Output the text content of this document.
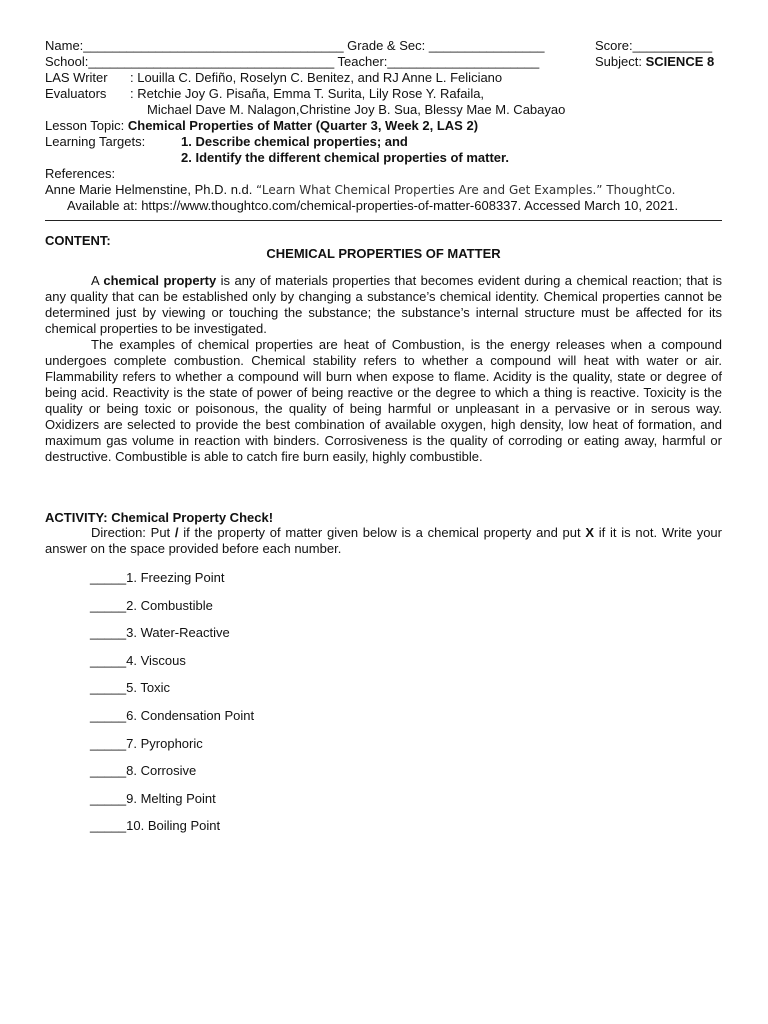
Name:____________________________________ Grade & Sec: ________________	Score:___________
School:__________________________________ Teacher:_____________________	Subject: SCIENCE 8
LAS Writer : Louilla C. Defiño, Roselyn C. Benitez, and RJ Anne L. Feliciano
Evaluators : Retchie Joy G. Pisaña, Emma T. Surita, Lily Rose Y. Rafaila,
Michael Dave M. Nalagon,Christine Joy B. Sua, Blessy Mae M. Cabayao
Lesson Topic: Chemical Properties of Matter (Quarter 3, Week 2, LAS 2)
Learning Targets:	1. Describe chemical properties; and
2. Identify the different chemical properties of matter.
References:
Anne Marie Helmenstine, Ph.D. n.d. “Learn What Chemical Properties Are and Get Examples.” ThoughtCo.
Available at: https://www.thoughtco.com/chemical-properties-of-matter-608337. Accessed March 10, 2021.
CONTENT:
CHEMICAL PROPERTIES OF MATTER

A chemical property is any of materials properties that becomes evident during a chemical reaction; that is any quality that can be established only by changing a substance’s chemical identity. Chemical properties cannot be determined just by viewing or touching the substance; the substance’s internal structure must be affected for its chemical properties to be investigated.

The examples of chemical properties are heat of Combustion, is the energy releases when a compound undergoes complete combustion. Chemical stability refers to whether a compound will heat with water or air. Flammability refers to whether a compound will burn when expose to flame. Acidity is the quality, state or degree of being acid. Reactivity is the state of power of being reactive or the degree to which a thing is reactive. Toxicity is the quality or being toxic or poisonous, the quality of being harmful or unpleasant in a pervasive or in serous way. Oxidizers are selected to provide the best combination of available oxygen, high density, low heat of formation, and maximum gas volume in reaction with binders. Corrosiveness is the quality of corroding or eating away, harmful or destructive. Combustible is able to catch fire burn easily, highly combustible.

ACTIVITY: Chemical Property Check!

Direction: Put / if the property of matter given below is a chemical property and put X if it is not. Write your answer on the space provided before each number.

_____1. Freezing Point
_____2. Combustible
_____3. Water-Reactive
_____4. Viscous
_____5. Toxic
_____6. Condensation Point
_____7. Pyrophoric
_____8. Corrosive
_____9. Melting Point
_____10. Boiling Point
